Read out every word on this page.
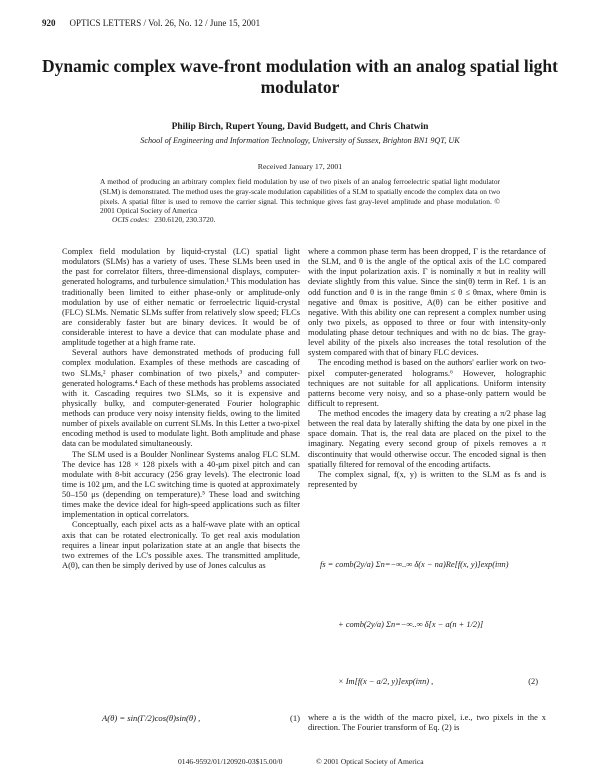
920 OPTICS LETTERS / Vol. 26, No. 12 / June 15, 2001
Dynamic complex wave-front modulation with an analog spatial light modulator
Philip Birch, Rupert Young, David Budgett, and Chris Chatwin
School of Engineering and Information Technology, University of Sussex, Brighton BN1 9QT, UK
Received January 17, 2001
A method of producing an arbitrary complex field modulation by use of two pixels of an analog ferroelectric spatial light modulator (SLM) is demonstrated. The method uses the gray-scale modulation capabilities of a SLM to spatially encode the complex data on two pixels. A spatial filter is used to remove the carrier signal. This technique gives fast gray-level amplitude and phase modulation. © 2001 Optical Society of America
OCIS codes: 230.6120, 230.3720.

Complex field modulation by liquid-crystal (LC) spatial light modulators (SLMs) has a variety of uses. These SLMs been used in the past for correlator filters, three-dimensional displays, computer-generated holograms, and turbulence simulation.¹ This modulation has traditionally been limited to either phase-only or amplitude-only modulation by use of either nematic or ferroelectric liquid-crystal (FLC) SLMs. Nematic SLMs suffer from relatively slow speed; FLCs are considerably faster but are binary devices. It would be of considerable interest to have a device that can modulate phase and amplitude together at a high frame rate.

Several authors have demonstrated methods of producing full complex modulation. Examples of these methods are cascading of two SLMs,² phaser combination of two pixels,³ and computer-generated holograms.⁴ Each of these methods has problems associated with it. Cascading requires two SLMs, so it is expensive and physically bulky, and computer-generated Fourier holographic methods can produce very noisy intensity fields, owing to the limited number of pixels available on current SLMs. In this Letter a two-pixel encoding method is used to modulate light. Both amplitude and phase data can be modulated simultaneously.

The SLM used is a Boulder Nonlinear Systems analog FLC SLM. The device has 128 × 128 pixels with a 40-μm pixel pitch and can modulate with 8-bit accuracy (256 gray levels). The electronic load time is 102 μm, and the LC switching time is quoted at approximately 50–150 μs (depending on temperature).⁵ These load and switching times make the device ideal for high-speed applications such as filter implementation in optical correlators.

Conceptually, each pixel acts as a half-wave plate with an optical axis that can be rotated electronically. To get real axis modulation requires a linear input polarization state at an angle that bisects the two extremes of the LC's possible axes. The transmitted amplitude, A(θ), can then be simply derived by use of Jones calculus as

A(θ) = sin(Γ/2)cos(θ)sin(θ) ,	(1)

where a common phase term has been dropped, Γ is the retardance of the SLM, and θ is the angle of the optical axis of the LC compared with the input polarization axis. Γ is nominally π but in reality will deviate slightly from this value. Since the sin(θ) term in Ref. 1 is an odd function and θ is in the range θmin ≤ θ ≤ θmax, where θmin is negative and θmax is positive, A(θ) can be either positive and negative. With this ability one can represent a complex number using only two pixels, as opposed to three or four with intensity-only modulating phase detour techniques and with no dc bias. The gray-level ability of the pixels also increases the total resolution of the system compared with that of binary FLC devices.

The encoding method is based on the authors' earlier work on two-pixel computer-generated holograms.⁶ However, holographic techniques are not suitable for all applications. Uniform intensity patterns become very noisy, and so a phase-only pattern would be difficult to represent.

The method encodes the imagery data by creating a π/2 phase lag between the real data by laterally shifting the data by one pixel in the space domain. That is, the real data are placed on the pixel to the imaginary. Negating every second group of pixels removes a π discontinuity that would otherwise occur. The encoded signal is then spatially filtered for removal of the encoding artifacts.

The complex signal, f(x, y) is written to the SLM as fs and is represented by

fs = comb(2y/a) Σn=−∞..∞ δ(x − na)Re[f(x, y)]exp(iπn)
+ comb(2y/a) Σn=−∞..∞ δ[x − a(n + 1/2)]
× Im[f(x − a/2, y)]exp(iπn) ,	(2)
where a is the width of the macro pixel, i.e., two pixels in the x direction. The Fourier transform of Eq. (2) is
0146-9592/01/120920-03$15.00/0	© 2001 Optical Society of America
